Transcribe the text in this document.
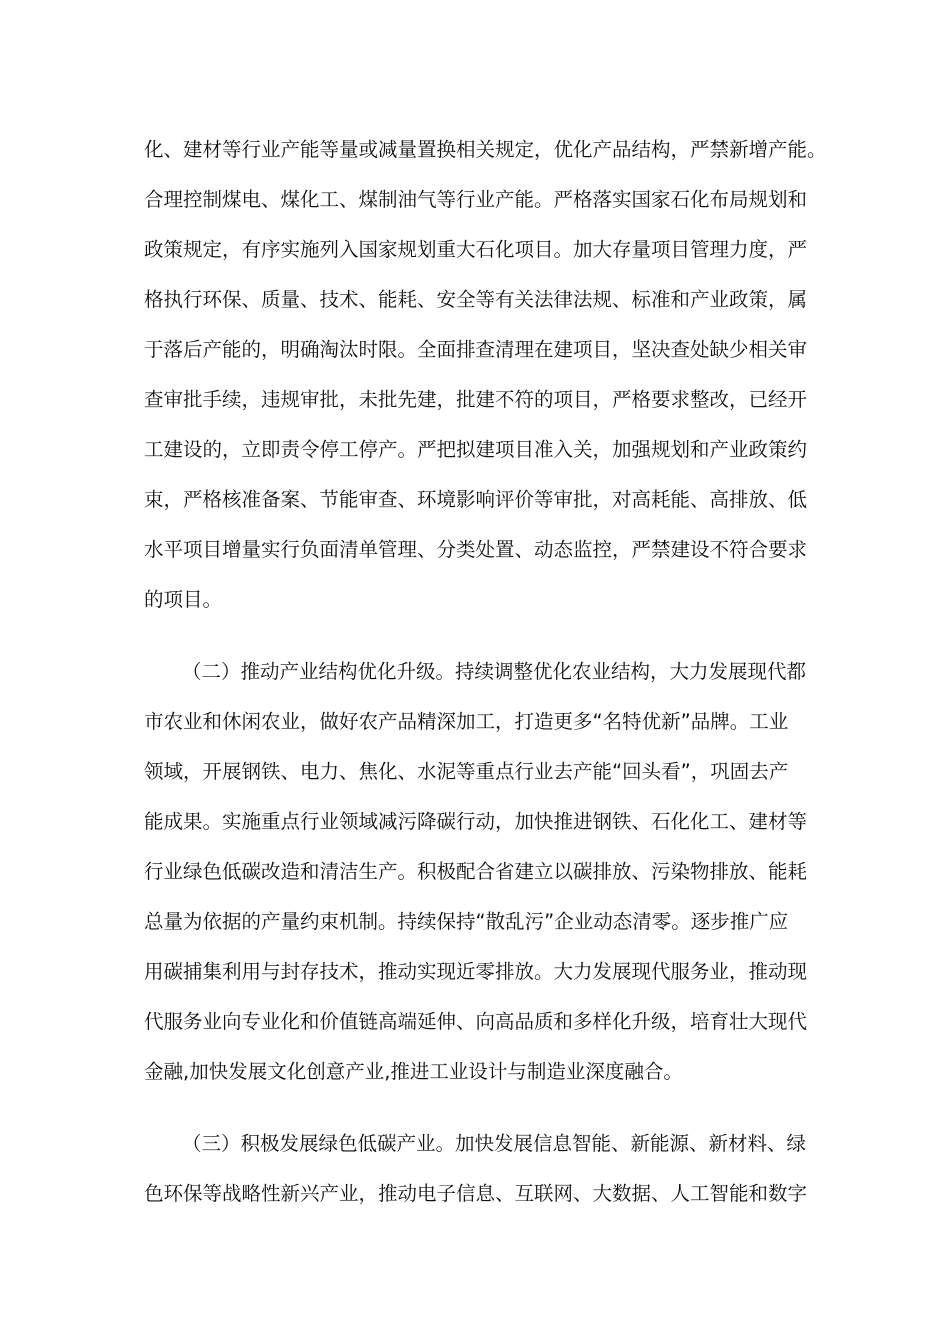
化、建材等行业产能等量或减量置换相关规定，优化产品结构，严禁新增产能。
合理控制煤电、煤化工、煤制油气等行业产能。严格落实国家石化布局规划和
政策规定，有序实施列入国家规划重大石化项目。加大存量项目管理力度，严
格执行环保、质量、技术、能耗、安全等有关法律法规、标准和产业政策，属
于落后产能的，明确淘汰时限。全面排查清理在建项目，坚决查处缺少相关审
查审批手续，违规审批，未批先建，批建不符的项目，严格要求整改，已经开
工建设的，立即责令停工停产。严把拟建项目准入关，加强规划和产业政策约
束，严格核准备案、节能审查、环境影响评价等审批，对高耗能、高排放、低
水平项目增量实行负面清单管理、分类处置、动态监控，严禁建设不符合要求
的项目。
（二）推动产业结构优化升级。持续调整优化农业结构，大力发展现代都
市农业和休闲农业，做好农产品精深加工，打造更多“名特优新”品牌。工业
领域，开展钢铁、电力、焦化、水泥等重点行业去产能“回头看”，巩固去产
能成果。实施重点行业领域减污降碳行动，加快推进钢铁、石化化工、建材等
行业绿色低碳改造和清洁生产。积极配合省建立以碳排放、污染物排放、能耗
总量为依据的产量约束机制。持续保持“散乱污”企业动态清零。逐步推广应
用碳捕集利用与封存技术，推动实现近零排放。大力发展现代服务业，推动现
代服务业向专业化和价值链高端延伸、向高品质和多样化升级，培育壮大现代
金融,加快发展文化创意产业,推进工业设计与制造业深度融合。
（三）积极发展绿色低碳产业。加快发展信息智能、新能源、新材料、绿
色环保等战略性新兴产业，推动电子信息、互联网、大数据、人工智能和数字
